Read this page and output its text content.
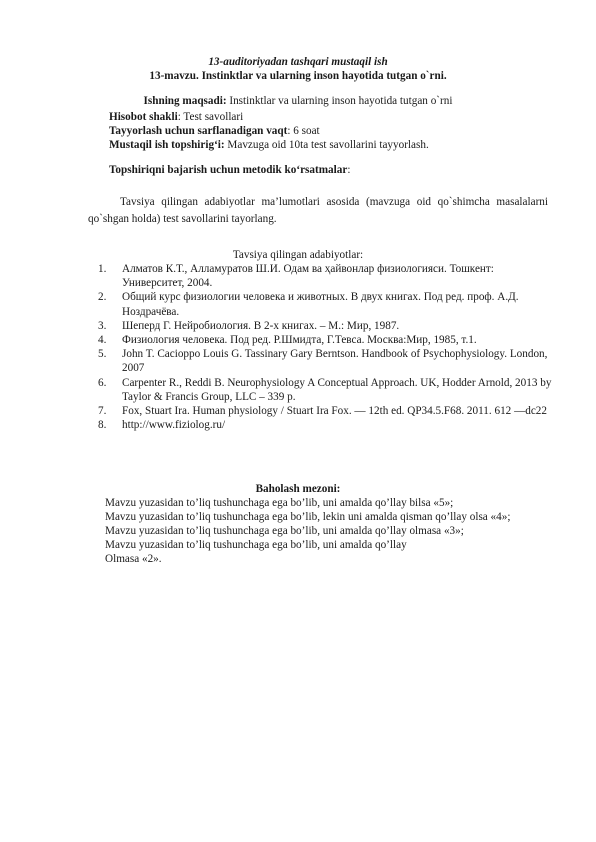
13-auditoriyadan tashqari mustaqil ish
13-mavzu. Instinktlar va ularning inson hayotida tutgan o`rni.
Ishning maqsadi: Instinktlar va ularning inson hayotida tutgan o`rni
Hisobot shakli: Test savollari
Tayyorlash uchun sarflanadigan vaqt: 6 soat
Mustaqil ish topshirig‘i: Mavzuga oid 10ta test savollarini tayyorlash.
Topshiriqni bajarish uchun metodik ko‘rsatmalar:
Tavsiya qilingan adabiyotlar ma’lumotlari asosida (mavzuga oid qo`shimcha masalalarni qo`shgan holda) test savollarini tayorlang.
Tavsiya qilingan adabiyotlar:
1. Алматов К.Т., Алламуратов Ш.И. Одам ва ҳайвонлар физиологияси. Тошкент: Университет, 2004.
2. Общий курс физиологии человека и животных. В двух книгах. Под ред. проф. А.Д. Ноздрачёва.
3. Шеперд Г. Нейробиология. В 2-х книгах. – М.: Мир, 1987.
4. Физиология человека. Под ред. Р.Шмидта, Г.Тевса. Москва:Мир, 1985, т.1.
5. John T. Cacioppo Louis G. Tassinary Gary Berntson. Handbook of Psychophysiology. London, 2007
6. Carpenter R., Reddi B. Neurophysiology A Conceptual Approach. UK, Hodder Arnold, 2013 by Taylor & Francis Group, LLC – 339 p.
7. Fox, Stuart Ira. Human physiology / Stuart Ira Fox. — 12th ed. QP34.5.F68. 2011. 612 —dc22
8. http://www.fiziolog.ru/
Baholash mezoni:
Mavzu yuzasidan to’liq tushunchaga ega bo’lib, uni amalda qo’llay bilsa «5»;
Mavzu yuzasidan to’liq tushunchaga ega bo’lib, lekin uni amalda qisman qo’llay olsa «4»;
Mavzu yuzasidan to’liq tushunchaga ega bo’lib, uni amalda qo’llay olmasa «3»;
Mavzu yuzasidan to’liq tushunchaga ega bo’lib, uni amalda qo’llay
Olmasa «2».
